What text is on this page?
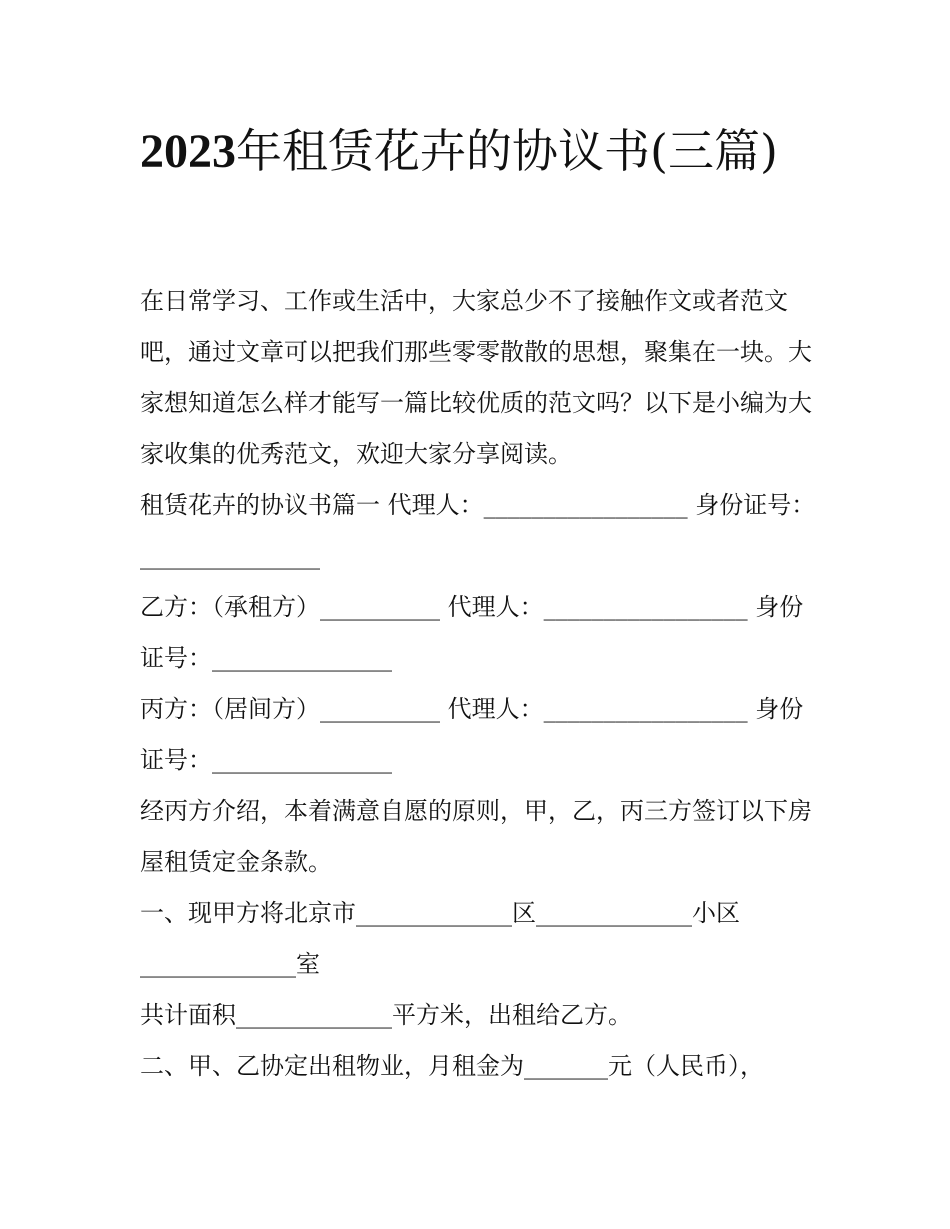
2023年租赁花卉的协议书(三篇)

在日常学习、工作或生活中，大家总少不了接触作文或者范文吧，通过文章可以把我们那些零零散散的思想，聚集在一块。大家想知道怎么样才能写一篇比较优质的范文吗？以下是小编为大家收集的优秀范文，欢迎大家分享阅读。

租赁花卉的协议书篇一 代理人：_________________ 身份证号：_______________

乙方：（承租方）__________ 代理人：_________________ 身份证号：_______________

丙方：（居间方）__________ 代理人：_________________ 身份证号：_______________

经丙方介绍，本着满意自愿的原则，甲，乙，丙三方签订以下房屋租赁定金条款。

一、现甲方将北京市_____________区_____________小区_____________室

共计面积_____________平方米，出租给乙方。

二、甲、乙协定出租物业，月租金为_______元（人民币），
